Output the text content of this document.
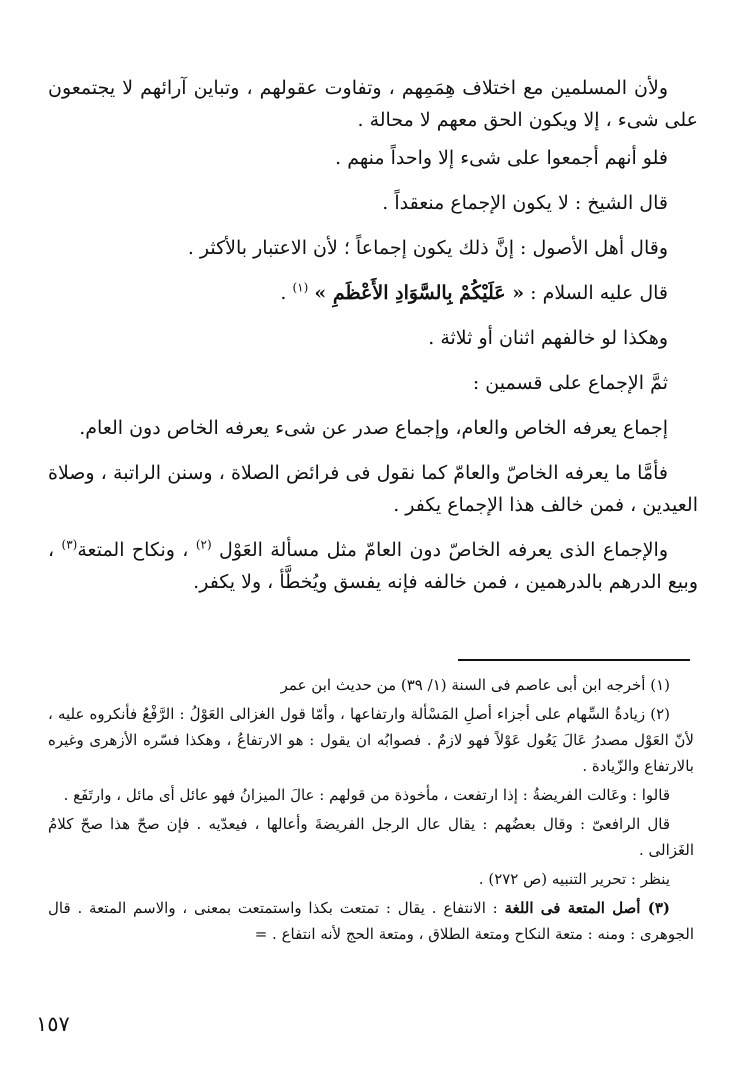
ولأن المسلمين مع اختلاف هِمَمِهم ، وتفاوت عقولهم ، وتباين آرائهم لا يجتمعون على شىء ، إلا ويكون الحق معهم لا محالة .

فلو أنهم أجمعوا على شىء إلا واحداً منهم .

قال الشيخ : لا يكون الإجماع منعقداً .

وقال أهل الأصول : إنَّ ذلك يكون إجماعاً ؛ لأن الاعتبار بالأكثر .

قال عليه السلام : « عَلَيْكُمْ بِالسَّوَادِ الأَعْظَمِ » $^{(١)}$ .

وهكذا لو خالفهم اثنان أو ثلاثة .

ثمَّ الإجماع على قسمين :

إجماع يعرفه الخاص والعام، وإجماع صدر عن شىء يعرفه الخاص دون العام.

فأمَّا ما يعرفه الخاصّ والعامّ كما نقول فى فرائض الصلاة ، وسنن الراتبة ، وصلاة العيدين ، فمن خالف هذا الإجماع يكفر .

والإجماع الذى يعرفه الخاصّ دون العامّ مثل مسألة العَوْل $^{(٢)}$ ، ونكاح المتعة$^{(٣)}$ ، وبيع الدرهم بالدرهمين ، فمن خالفه فإنه يفسق ويُخطَّأ ، ولا يكفر.

(١) أخرجه ابن أبى عاصم فى السنة (١/ ٣٩) من حديث ابن عمر

(٢) زيادةُ السِّهام على أجزاء أصلِ المَسْألة وارتفاعها ، وأمّا قول الغزالى العَوْلُ : الرَّفْعُ فأنكروه عليه ، لأنّ العَوْل مصدرُ عَالَ يَعُول عَوْلاً فهو لازمٌ . فصوابُه ان يقول : هو الارتفاعُ ، وهكذا فسّره الأزهرى وغيره بالارتفاع والزّيادة .

قالوا : وعَالت الفريضةُ : إذا ارتفعت ، مأخوذة من قولهم : عالَ الميزانُ فهو عائل أى مائل ، وارتَفَع .

قال الرافعىّ : وقال بعضُهم : يقال عال الرجل الفريضةَ وأعالها ، فيعدّيه . فإن صحّ هذا صحّ كلامُ الغَزالى .

ينظر : تحرير التنبيه (ص ٢٧٢) .

(٣) أصل المتعة فى اللغة : الانتفاع . يقال : تمتعت بكذا واستمتعت بمعنى ، والاسم المتعة . قال الجوهرى : ومنه : متعة النكاح ومتعة الطلاق ، ومتعة الحج لأنه انتفاع . =

١٥٧
